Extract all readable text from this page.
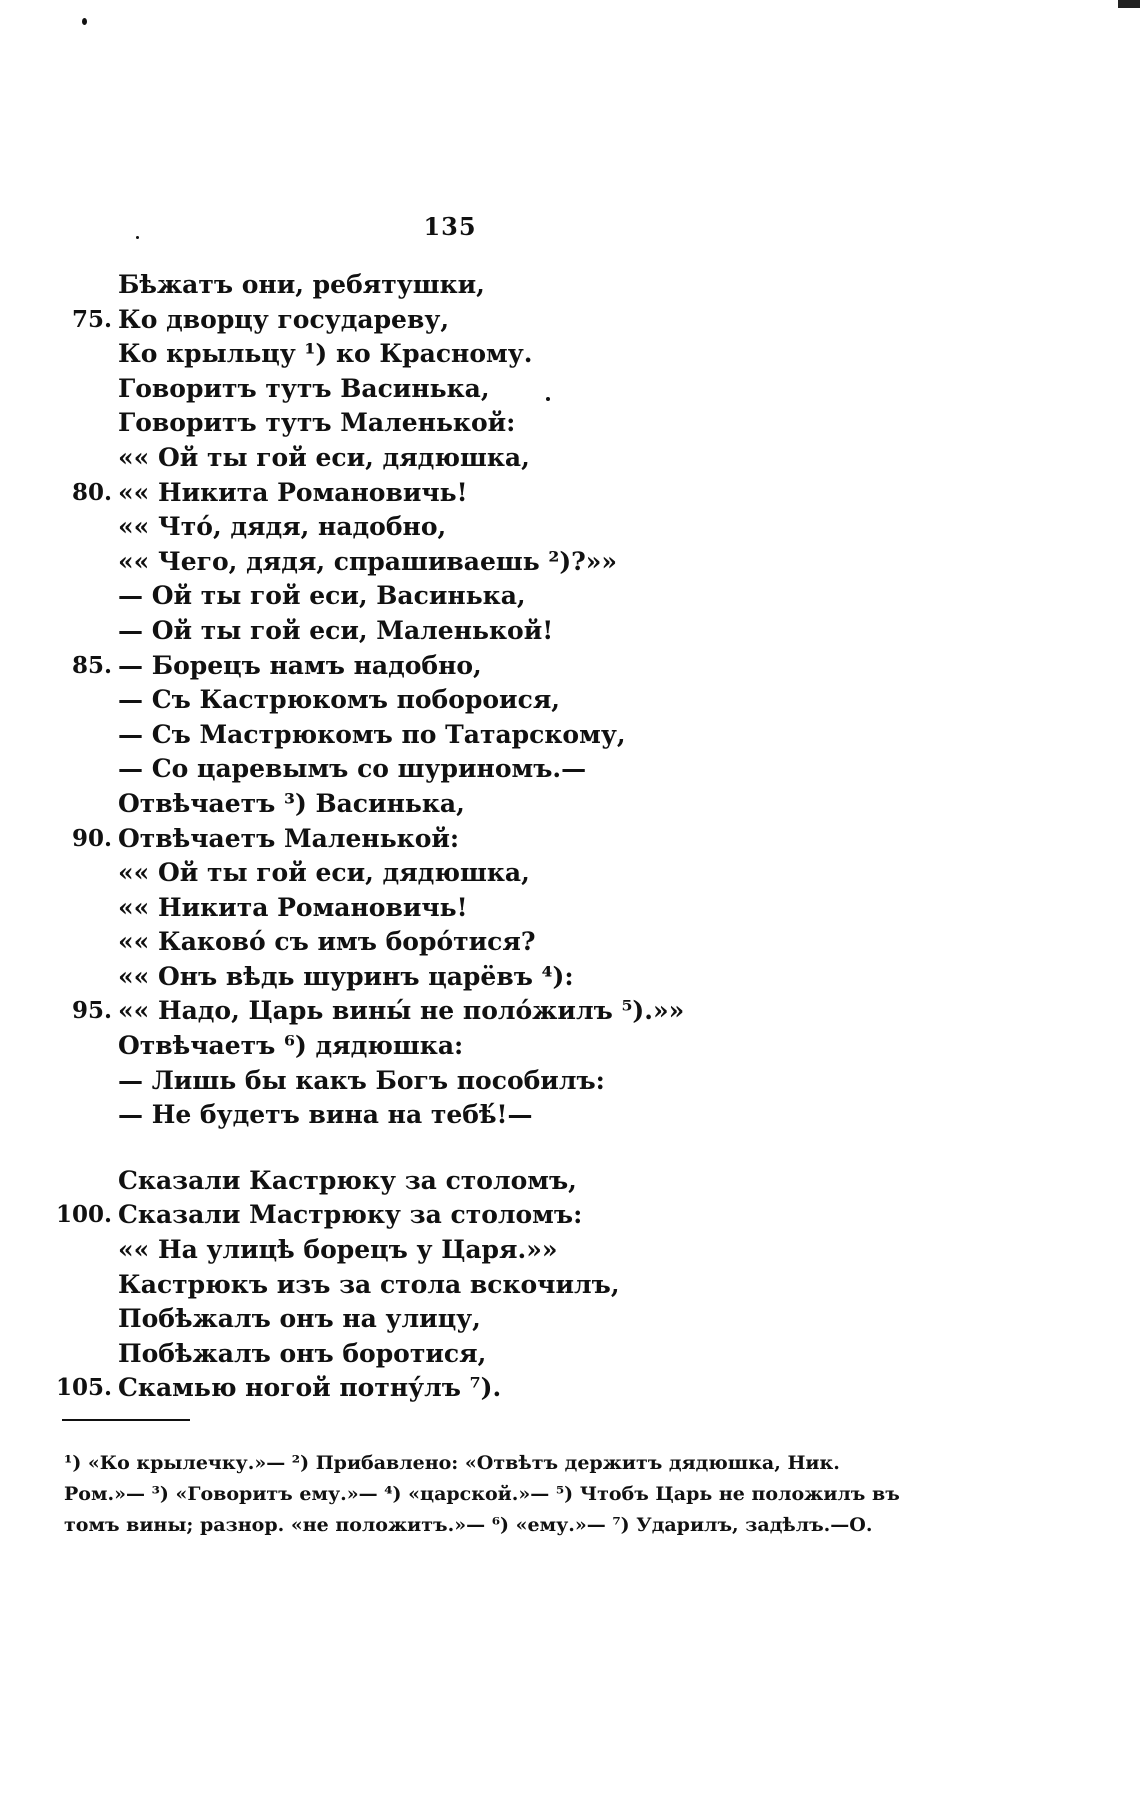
135
Бѣжатъ они, ребятушки,
75. Ко дворцу государеву,
Ко крыльцу ¹) ко Красному.
Говоритъ тутъ Васинька,
Говоритъ тутъ Маленькой:
«« Ой ты гой еси, дядюшка,
80. «« Никита Романовичь!
«« Что́, дядя, надобно,
«« Чего, дядя, спрашиваешь ²)?»»
— Ой ты гой еси, Васинька,
— Ой ты гой еси, Маленькой!
85. — Борецъ намъ надобно,
— Съ Кастрюкомъ побороися,
— Съ Мастрюкомъ по Татарскому,
— Со царевымъ со шуриномъ.—
Отвѣчаетъ ³) Васинька,
90. Отвѣчаетъ Маленькой:
«« Ой ты гой еси, дядюшка,
«« Никита Романовичь!
«« Каково́ съ имъ боро́тися?
«« Онъ вѣдь шуринъ царёвъ ⁴):
95. «« Надо, Царь вины́ не поло́жилъ ⁵).»»
Отвѣчаетъ ⁶) дядюшка:
— Лишь бы какъ Богъ пособилъ:
— Не будетъ вина на тебѣ́!—
Сказали Кастрюку за столомъ,
100. Сказали Мастрюку за столомъ:
«« На улицѣ борецъ у Царя.»»
Кастрюкъ изъ за стола вскочилъ,
Побѣжалъ онъ на улицу,
Побѣжалъ онъ боротися,
105. Скамью ногой потну́лъ ⁷).
¹) «Ко крылечку.»— ²) Прибавлено: «Отвѣтъ держитъ дядюшка, Ник.
Ром.»— ³) «Говоритъ ему.»— ⁴) «царской.»— ⁵) Чтобъ Царь не положилъ въ
томъ вины; разнор. «не положитъ.»— ⁶) «ему.»— ⁷) Ударилъ, задѣлъ.—О.
